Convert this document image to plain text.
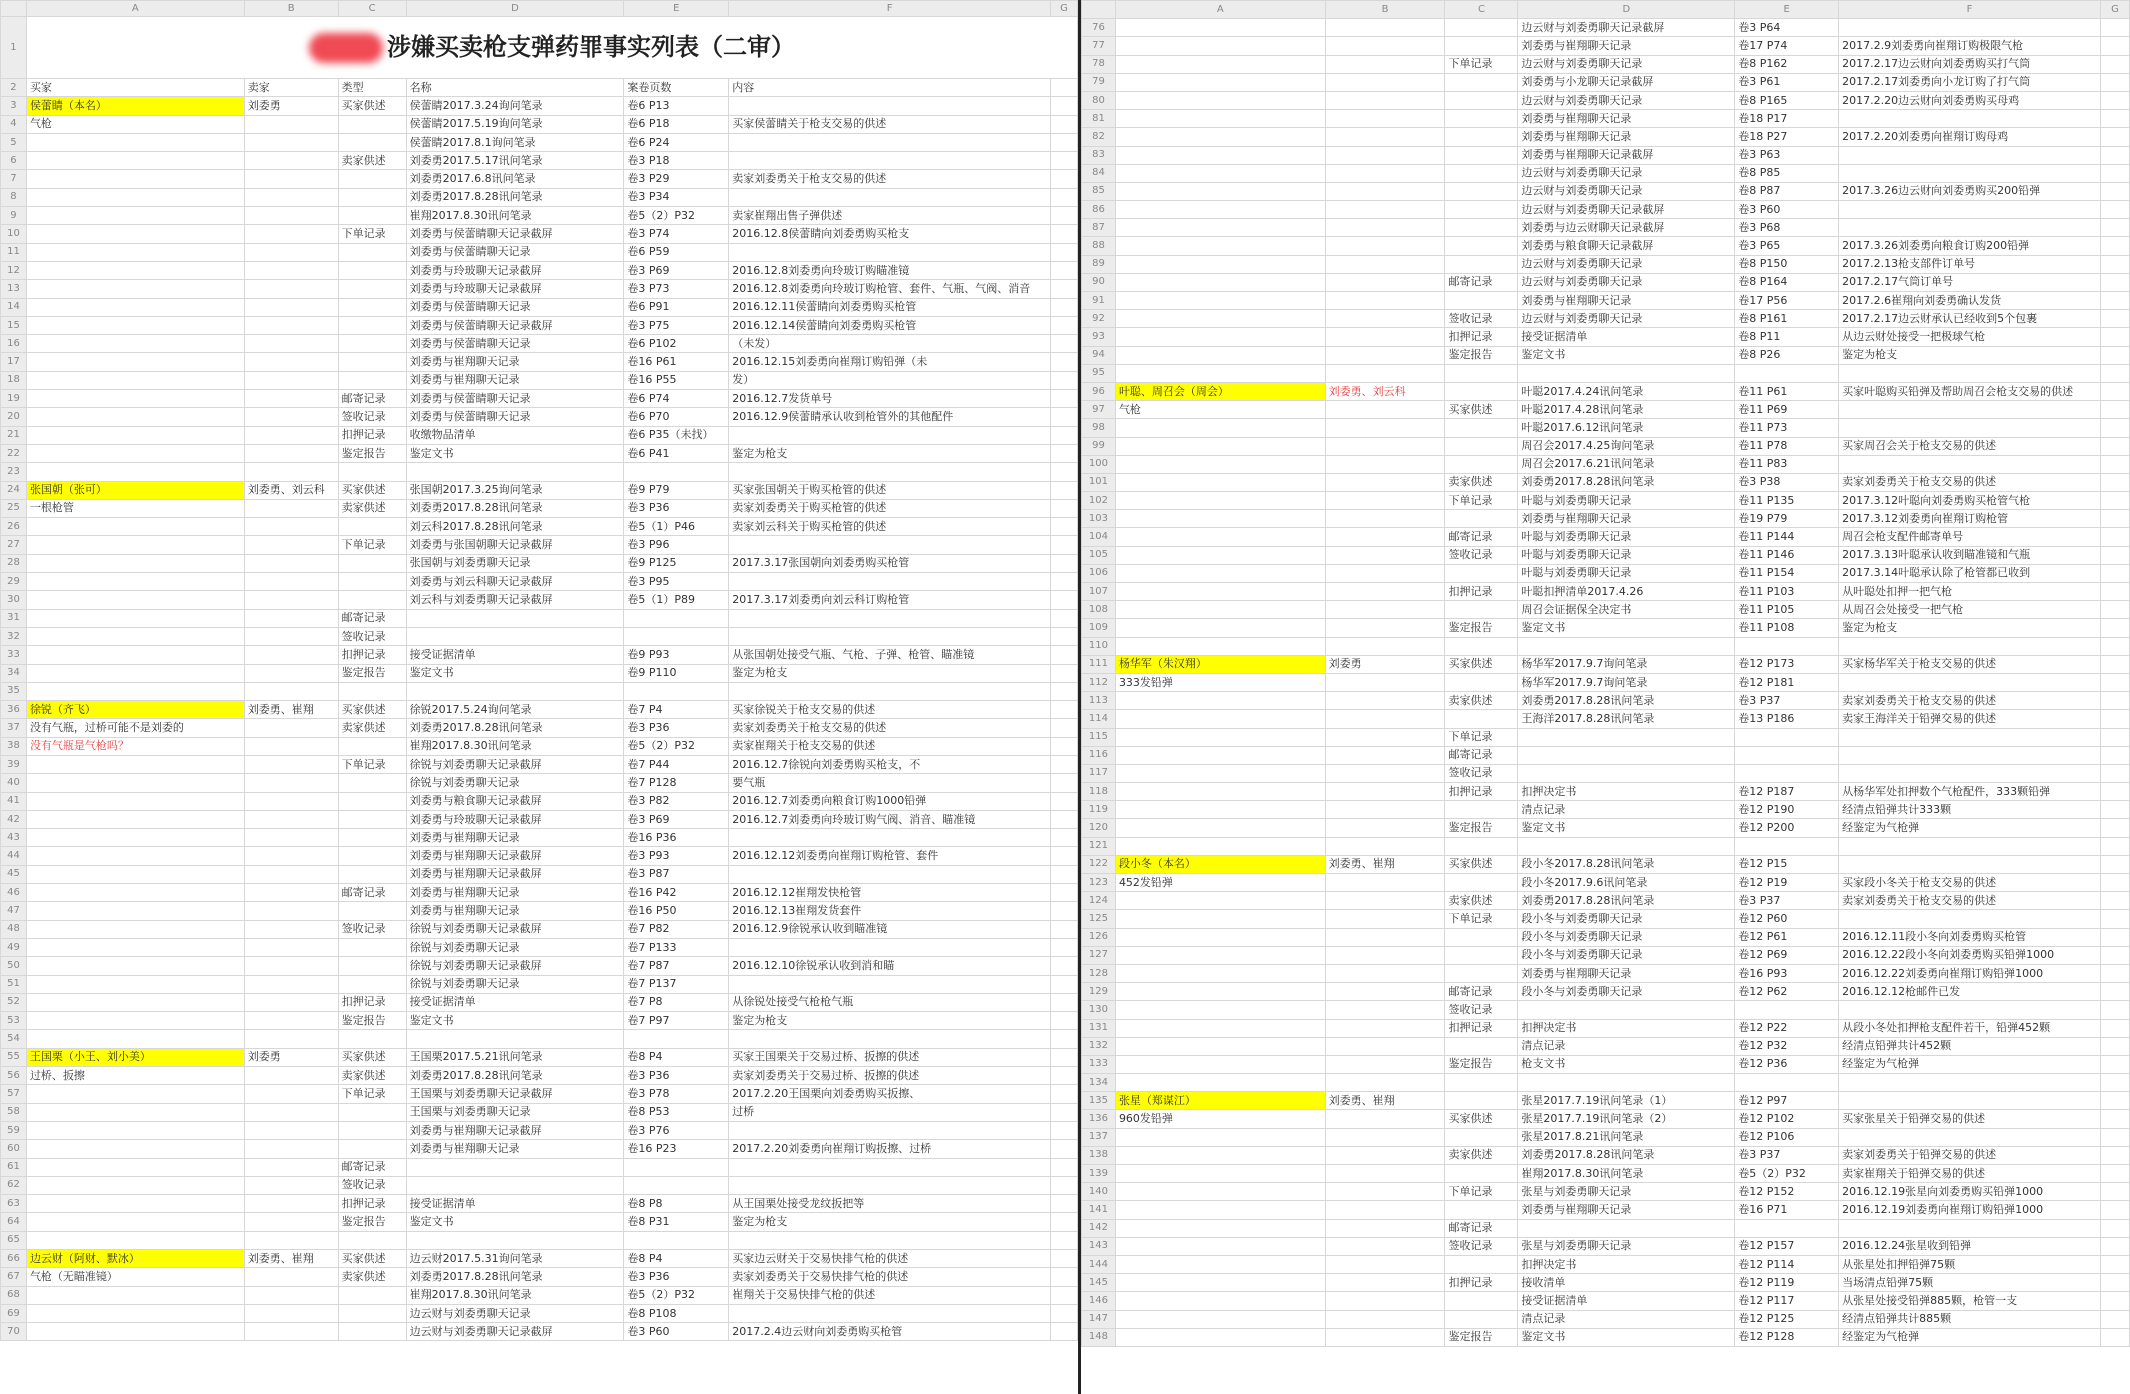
	A	B	C	D	E	F	G
1	涉嫌买卖枪支弹药罪事实列表（二审）						
2	买家	卖家	类型	名称	案卷页数	内容	
3	侯蕾睛（本名）	刘委勇	买家供述	侯蕾睛2017.3.24询问笔录	卷6 P13		
4	气枪			侯蕾睛2017.5.19询问笔录	卷6 P18	买家侯蕾睛关于枪支交易的供述	
5				侯蕾睛2017.8.1询问笔录	卷6 P24		
6			卖家供述	刘委勇2017.5.17讯问笔录	卷3 P18		
7				刘委勇2017.6.8讯问笔录	卷3 P29	卖家刘委勇关于枪支交易的供述	
8				刘委勇2017.8.28讯问笔录	卷3 P34		
9				崔翔2017.8.30讯问笔录	卷5（2）P32	卖家崔翔出售子弹供述	
10			下单记录	刘委勇与侯蕾睛聊天记录截屏	卷3 P74	2016.12.8侯蕾睛向刘委勇购买枪支	
11				刘委勇与侯蕾睛聊天记录	卷6 P59		
12				刘委勇与玲玻聊天记录截屏	卷3 P69	2016.12.8刘委勇向玲玻订购瞄准镜	
13				刘委勇与玲玻聊天记录截屏	卷3 P73	2016.12.8刘委勇向玲玻订购枪管、套件、气瓶、气阀、消音	
14				刘委勇与侯蕾睛聊天记录	卷6 P91	2016.12.11侯蕾睛向刘委勇购买枪管	
15				刘委勇与侯蕾睛聊天记录截屏	卷3 P75	2016.12.14侯蕾睛向刘委勇购买枪管	
16				刘委勇与侯蕾睛聊天记录	卷6 P102	（未发）	
17				刘委勇与崔翔聊天记录	卷16 P61	2016.12.15刘委勇向崔翔订购铅弹（未	
18				刘委勇与崔翔聊天记录	卷16 P55	发）	
19			邮寄记录	刘委勇与侯蕾睛聊天记录	卷6 P74	2016.12.7发货单号	
20			签收记录	刘委勇与侯蕾睛聊天记录	卷6 P70	2016.12.9侯蕾睛承认收到枪管外的其他配件	
21			扣押记录	收缴物品清单	卷6 P35（未找）		
22			鉴定报告	鉴定文书	卷6 P41	鉴定为枪支	
23							
24	张国朝（张可）	刘委勇、刘云科	买家供述	张国朝2017.3.25询问笔录	卷9 P79	买家张国朝关于购买枪管的供述	
25	一根枪管		卖家供述	刘委勇2017.8.28讯问笔录	卷3 P36	卖家刘委勇关于购买枪管的供述	
26				刘云科2017.8.28讯问笔录	卷5（1）P46	卖家刘云科关于购买枪管的供述	
27			下单记录	刘委勇与张国朝聊天记录截屏	卷3 P96		
28				张国朝与刘委勇聊天记录	卷9 P125	2017.3.17张国朝向刘委勇购买枪管	
29				刘委勇与刘云科聊天记录截屏	卷3 P95		
30				刘云科与刘委勇聊天记录截屏	卷5（1）P89	2017.3.17刘委勇向刘云科订购枪管	
31			邮寄记录				
32			签收记录				
33			扣押记录	接受证据清单	卷9 P93	从张国朝处接受气瓶、气枪、子弹、枪管、瞄准镜	
34			鉴定报告	鉴定文书	卷9 P110	鉴定为枪支	
35							
36	徐锐（齐飞）	刘委勇、崔翔	买家供述	徐锐2017.5.24询问笔录	卷7 P4	买家徐锐关于枪支交易的供述	
37	没有气瓶，过桥可能不是刘委的		卖家供述	刘委勇2017.8.28讯问笔录	卷3 P36	卖家刘委勇关于枪支交易的供述	
38	没有气瓶是气枪吗？			崔翔2017.8.30讯问笔录	卷5（2）P32	卖家崔翔关于枪支交易的供述	
39			下单记录	徐锐与刘委勇聊天记录截屏	卷7 P44	2016.12.7徐锐向刘委勇购买枪支，不	
40				徐锐与刘委勇聊天记录	卷7 P128	要气瓶	
41				刘委勇与粮食聊天记录截屏	卷3 P82	2016.12.7刘委勇向粮食订购1000铅弹	
42				刘委勇与玲玻聊天记录截屏	卷3 P69	2016.12.7刘委勇向玲玻订购气阀、消音、瞄准镜	
43				刘委勇与崔翔聊天记录	卷16 P36		
44				刘委勇与崔翔聊天记录截屏	卷3 P93	2016.12.12刘委勇向崔翔订购枪管、套件	
45				刘委勇与崔翔聊天记录截屏	卷3 P87		
46			邮寄记录	刘委勇与崔翔聊天记录	卷16 P42	2016.12.12崔翔发快枪管	
47				刘委勇与崔翔聊天记录	卷16 P50	2016.12.13崔翔发货套件	
48			签收记录	徐锐与刘委勇聊天记录截屏	卷7 P82	2016.12.9徐锐承认收到瞄准镜	
49				徐锐与刘委勇聊天记录	卷7 P133		
50				徐锐与刘委勇聊天记录截屏	卷7 P87	2016.12.10徐锐承认收到消和瞄	
51				徐锐与刘委勇聊天记录	卷7 P137		
52			扣押记录	接受证据清单	卷7 P8	从徐锐处接受气枪枪气瓶	
53			鉴定报告	鉴定文书	卷7 P97	鉴定为枪支	
54							
55	王国栗（小王、刘小美）	刘委勇	买家供述	王国栗2017.5.21讯问笔录	卷8 P4	买家王国栗关于交易过桥、扳擦的供述	
56	过桥、扳擦		卖家供述	刘委勇2017.8.28讯问笔录	卷3 P36	卖家刘委勇关于交易过桥、扳擦的供述	
57			下单记录	王国栗与刘委勇聊天记录截屏	卷3 P78	2017.2.20王国栗向刘委勇购买扳擦、	
58				王国栗与刘委勇聊天记录	卷8 P53	过桥	
59				刘委勇与崔翔聊天记录截屏	卷3 P76		
60				刘委勇与崔翔聊天记录	卷16 P23	2017.2.20刘委勇向崔翔订购扳擦、过桥	
61			邮寄记录				
62			签收记录				
63			扣押记录	接受证据清单	卷8 P8	从王国栗处接受龙纹扳把等	
64			鉴定报告	鉴定文书	卷8 P31	鉴定为枪支	
65							
66	边云财（阿财、默冰）	刘委勇、崔翔	买家供述	边云财2017.5.31询问笔录	卷8 P4	买家边云财关于交易快排气枪的供述	
67	气枪（无瞄准镜）		卖家供述	刘委勇2017.8.28讯问笔录	卷3 P36	卖家刘委勇关于交易快排气枪的供述	
68				崔翔2017.8.30讯问笔录	卷5（2）P32	崔翔关于交易快排气枪的供述	
69				边云财与刘委勇聊天记录	卷8 P108		
70				边云财与刘委勇聊天记录截屏	卷3 P60	2017.2.4边云财向刘委勇购买枪管	
	A	B	C	D	E	F	G
76				边云财与刘委勇聊天记录截屏	卷3 P64		
77				刘委勇与崔翔聊天记录	卷17 P74	2017.2.9刘委勇向崔翔订购极限气枪	
78			下单记录	边云财与刘委勇聊天记录	卷8 P162	2017.2.17边云财向刘委勇购买打气筒	
79				刘委勇与小龙聊天记录截屏	卷3 P61	2017.2.17刘委勇向小龙订购了打气筒	
80				边云财与刘委勇聊天记录	卷8 P165	2017.2.20边云财向刘委勇购买母鸡	
81				刘委勇与崔翔聊天记录	卷18 P17		
82				刘委勇与崔翔聊天记录	卷18 P27	2017.2.20刘委勇向崔翔订购母鸡	
83				刘委勇与崔翔聊天记录截屏	卷3 P63		
84				边云财与刘委勇聊天记录	卷8 P85		
85				边云财与刘委勇聊天记录	卷8 P87	2017.3.26边云财向刘委勇购买200铅弹	
86				边云财与刘委勇聊天记录截屏	卷3 P60		
87				刘委勇与边云财聊天记录截屏	卷3 P68		
88				刘委勇与粮食聊天记录截屏	卷3 P65	2017.3.26刘委勇向粮食订购200铅弹	
89				边云财与刘委勇聊天记录	卷8 P150	2017.2.13枪支部件订单号	
90			邮寄记录	边云财与刘委勇聊天记录	卷8 P164	2017.2.17气筒订单号	
91				刘委勇与崔翔聊天记录	卷17 P56	2017.2.6崔翔向刘委勇确认发货	
92			签收记录	边云财与刘委勇聊天记录	卷8 P161	2017.2.17边云财承认已经收到5个包裹	
93			扣押记录	接受证据清单	卷8 P11	从边云财处接受一把极球气枪	
94			鉴定报告	鉴定文书	卷8 P26	鉴定为枪支	
95							
96	叶聪、周召会（周会）	刘委勇、刘云科		叶聪2017.4.24讯问笔录	卷11 P61	买家叶聪购买铅弹及帮助周召会枪支交易的供述	
97	气枪		买家供述	叶聪2017.4.28讯问笔录	卷11 P69		
98				叶聪2017.6.12讯问笔录	卷11 P73		
99				周召会2017.4.25询问笔录	卷11 P78	买家周召会关于枪支交易的供述	
100				周召会2017.6.21讯问笔录	卷11 P83		
101			卖家供述	刘委勇2017.8.28讯问笔录	卷3 P38	卖家刘委勇关于枪支交易的供述	
102			下单记录	叶聪与刘委勇聊天记录	卷11 P135	2017.3.12叶聪向刘委勇购买枪管气枪	
103				刘委勇与崔翔聊天记录	卷19 P79	2017.3.12刘委勇向崔翔订购枪管	
104			邮寄记录	叶聪与刘委勇聊天记录	卷11 P144	周召会枪支配件邮寄单号	
105			签收记录	叶聪与刘委勇聊天记录	卷11 P146	2017.3.13叶聪承认收到瞄准镜和气瓶	
106				叶聪与刘委勇聊天记录	卷11 P154	2017.3.14叶聪承认除了枪管都已收到	
107			扣押记录	叶聪扣押清单2017.4.26	卷11 P103	从叶聪处扣押一把气枪	
108				周召会证据保全决定书	卷11 P105	从周召会处接受一把气枪	
109			鉴定报告	鉴定文书	卷11 P108	鉴定为枪支	
110							
111	杨华军（朱汉翔）	刘委勇	买家供述	杨华军2017.9.7询问笔录	卷12 P173	买家杨华军关于枪支交易的供述	
112	333发铅弹			杨华军2017.9.7询问笔录	卷12 P181		
113			卖家供述	刘委勇2017.8.28讯问笔录	卷3 P37	卖家刘委勇关于枪支交易的供述	
114				王海洋2017.8.28讯问笔录	卷13 P186	卖家王海洋关于铅弹交易的供述	
115			下单记录				
116			邮寄记录				
117			签收记录				
118			扣押记录	扣押决定书	卷12 P187	从杨华军处扣押数个气枪配件，333颗铅弹	
119				清点记录	卷12 P190	经清点铅弹共计333颗	
120			鉴定报告	鉴定文书	卷12 P200	经鉴定为气枪弹	
121							
122	段小冬（本名）	刘委勇、崔翔	买家供述	段小冬2017.8.28讯问笔录	卷12 P15		
123	452发铅弹			段小冬2017.9.6讯问笔录	卷12 P19	买家段小冬关于枪支交易的供述	
124			卖家供述	刘委勇2017.8.28讯问笔录	卷3 P37	卖家刘委勇关于枪支交易的供述	
125			下单记录	段小冬与刘委勇聊天记录	卷12 P60		
126				段小冬与刘委勇聊天记录	卷12 P61	2016.12.11段小冬向刘委勇购买枪管	
127				段小冬与刘委勇聊天记录	卷12 P69	2016.12.22段小冬向刘委勇购买铅弹1000	
128				刘委勇与崔翔聊天记录	卷16 P93	2016.12.22刘委勇向崔翔订购铅弹1000	
129			邮寄记录	段小冬与刘委勇聊天记录	卷12 P62	2016.12.12枪邮件已发	
130			签收记录				
131			扣押记录	扣押决定书	卷12 P22	从段小冬处扣押枪支配件若干，铅弹452颗	
132				清点记录	卷12 P32	经清点铅弹共计452颗	
133			鉴定报告	枪支文书	卷12 P36	经鉴定为气枪弹	
134							
135	张星（郑谋江）	刘委勇、崔翔		张星2017.7.19讯问笔录（1）	卷12 P97		
136	960发铅弹		买家供述	张星2017.7.19讯问笔录（2）	卷12 P102	买家张星关于铅弹交易的供述	
137				张星2017.8.21讯问笔录	卷12 P106		
138			卖家供述	刘委勇2017.8.28讯问笔录	卷3 P37	卖家刘委勇关于铅弹交易的供述	
139				崔翔2017.8.30讯问笔录	卷5（2）P32	卖家崔翔关于铅弹交易的供述	
140			下单记录	张星与刘委勇聊天记录	卷12 P152	2016.12.19张星向刘委勇购买铅弹1000	
141				刘委勇与崔翔聊天记录	卷16 P71	2016.12.19刘委勇向崔翔订购铅弹1000	
142			邮寄记录				
143			签收记录	张星与刘委勇聊天记录	卷12 P157	2016.12.24张星收到铅弹	
144				扣押决定书	卷12 P114	从张星处扣押铅弹75颗	
145			扣押记录	接收清单	卷12 P119	当场清点铅弹75颗	
146				接受证据清单	卷12 P117	从张星处接受铅弹885颗，枪管一支	
147				清点记录	卷12 P125	经清点铅弹共计885颗	
148			鉴定报告	鉴定文书	卷12 P128	经鉴定为气枪弹	
